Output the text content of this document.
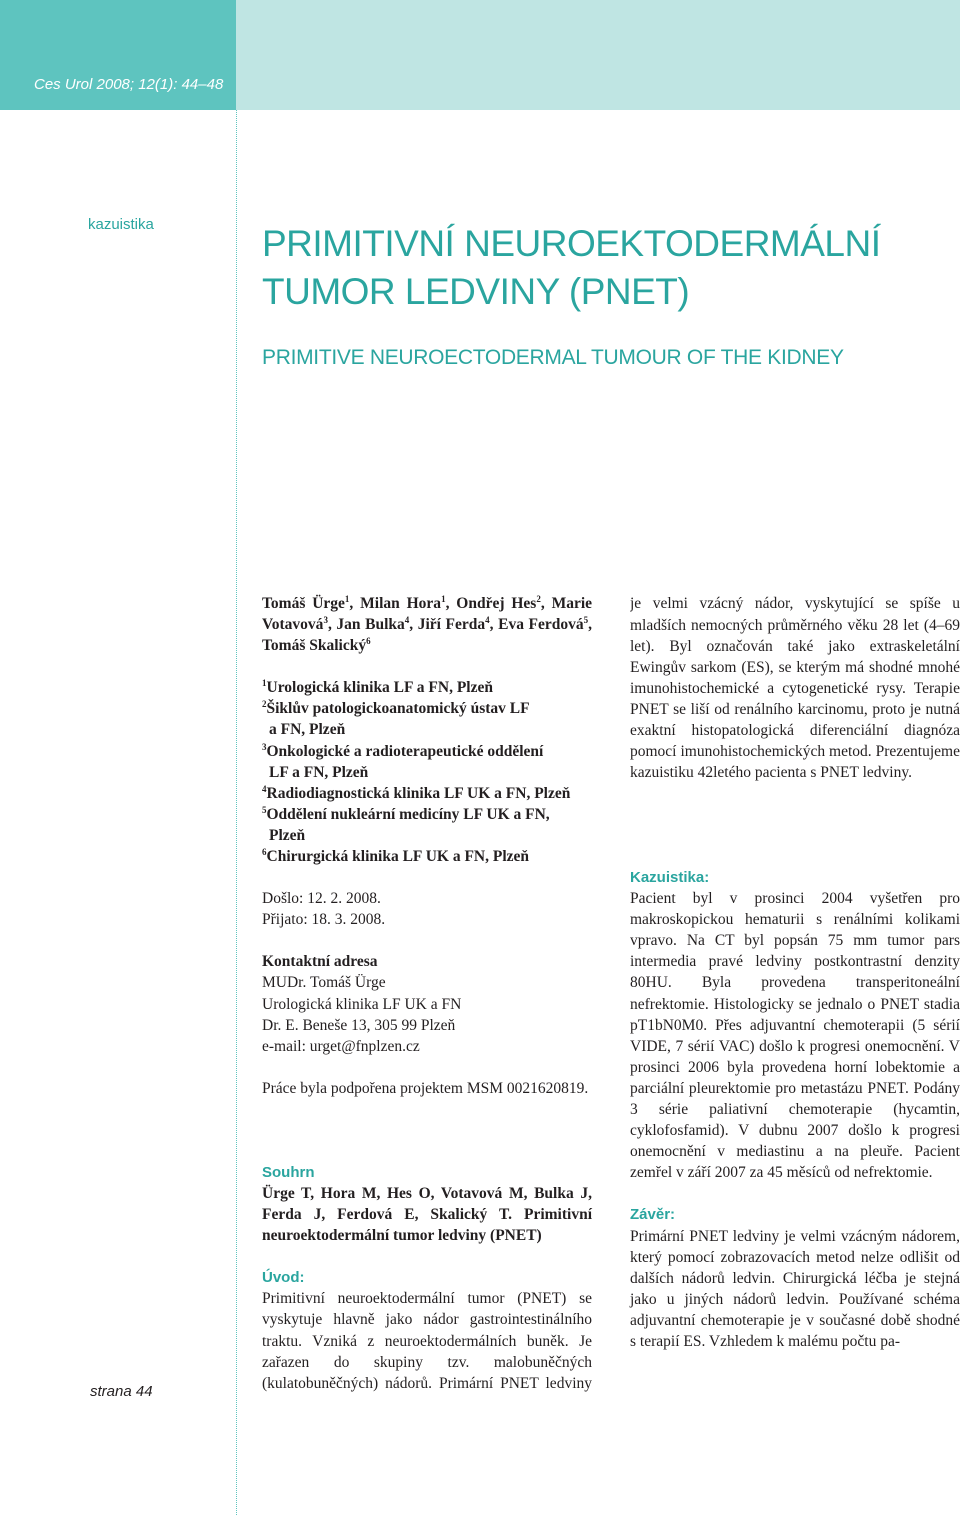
Ces Urol 2008; 12(1): 44–48
kazuistika
strana 44
PRIMITIVNÍ NEUROEKTODERMÁLNÍ
TUMOR LEDVINY (PNET)
PRIMITIVE NEUROECTODERMAL TUMOUR OF THE KIDNEY

Tomáš Ürge$^1$, Milan Hora$^1$, Ondřej Hes$^2$, Marie Votavová$^3$, Jan Bulka$^4$, Jiří Ferda$^4$, Eva Ferdová$^5$, Tomáš Skalický$^6$

$^1$Urologická klinika LF a FN, Plzeň

$^2$Šiklův patologickoanatomický ústav LF

a FN, Plzeň

$^3$Onkologické a radioterapeutické oddělení

LF a FN, Plzeň

$^4$Radiodiagnostická klinika LF UK a FN, Plzeň

$^5$Oddělení nukleární medicíny LF UK a FN,

Plzeň

$^6$Chirurgická klinika LF UK a FN, Plzeň

Došlo: 12. 2. 2008.

Přijato: 18. 3. 2008.

Kontaktní adresa

MUDr. Tomáš Ürge

Urologická klinika LF UK a FN

Dr. E. Beneše 13, 305 99 Plzeň

e-mail: urget@fnplzen.cz

Práce byla podpořena projektem MSM 0021620819.

Souhrn

Ürge T, Hora M, Hes O, Votavová M, Bulka J, Ferda J, Ferdová E, Skalický T. Primitivní neuroektodermální tumor ledviny (PNET)

Úvod:

Primitivní neuroektodermální tumor (PNET) se vyskytuje hlavně jako nádor gastrointestinálního traktu. Vzniká z neuroektodermálních buněk. Je zařazen do skupiny tzv. malobuněčných (kulatobuněčných) nádorů. Primární PNET ledviny

je velmi vzácný nádor, vyskytující se spíše u mladších nemocných průměrného věku 28 let (4–69 let). Byl označován také jako extraskeletální Ewingův sarkom (ES), se kterým má shodné mnohé imunohistochemické a cytogenetické rysy. Terapie PNET se liší od renálního karcinomu, proto je nutná exaktní histopatologická diferenciální diagnóza pomocí imunohistochemických metod. Prezentujeme kazuistiku 42letého pacienta s PNET ledviny.

Kazuistika:

Pacient byl v prosinci 2004 vyšetřen pro makroskopickou hematurii s renálními kolikami vpravo. Na CT byl popsán 75 mm tumor pars intermedia pravé ledviny postkontrastní denzity 80HU. Byla provedena transperitoneální nefrektomie. Histologicky se jednalo o PNET stadia pT1bN0M0. Přes adjuvantní chemoterapii (5 sérií VIDE, 7 sérií VAC) došlo k progresi onemocnění. V prosinci 2006 byla provedena horní lobektomie a parciální pleurektomie pro metastázu PNET. Podány 3 série paliativní chemoterapie (hycamtin, cyklofosfamid). V dubnu 2007 došlo k progresi onemocnění v mediastinu a na pleuře. Pacient zemřel v září 2007 za 45 měsíců od nefrektomie.

Závěr:

Primární PNET ledviny je velmi vzácným nádorem, který pomocí zobrazovacích metod nelze odlišit od dalších nádorů ledvin. Chirurgická léčba je stejná jako u jiných nádorů ledvin. Používané schéma adjuvantní chemoterapie je v současné době shodné s terapií ES. Vzhledem k malému počtu pa-
